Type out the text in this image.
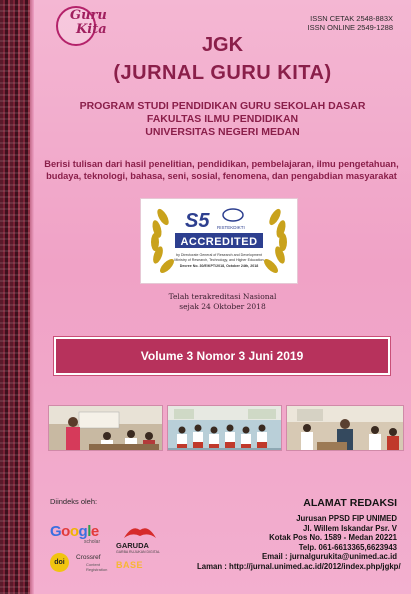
Guru
Kita
ISSN CETAK 2548-883X
ISSN ONLINE 2549-1288
JGK
(JURNAL GURU KITA)
PROGRAM STUDI PENDIDIKAN GURU SEKOLAH DASAR
FAKULTAS ILMU PENDIDIKAN
UNIVERSITAS NEGERI MEDAN
Berisi tulisan dari hasil penelitian, pendidikan, pembelajaran, ilmu pengetahuan,
budaya, teknologi, bahasa, seni, sosial, fenomena, dan pengabdian masyarakat
S5 RISTEKDIKTI
ACCREDITED
by Directorate General of Research and Development
Ministry of Research, Technology, and Higher Education
Decree No. 30/E/KPT/2018, October 24th, 2018
Telah terakreditasi Nasional
sejak 24 Oktober 2018
Volume 3 Nomor 3 Juni 2019
Diindeks oleh:
Google
scholar GARUDA
GARBA RUJUKAN DIGITAL
doi
Crossref
Content Registration BASE
ALAMAT REDAKSI
Jurusan PPSD FIP UNIMED
Jl. Willem Iskandar Psr. V
Kotak Pos No. 1589 - Medan 20221
Telp. 061-6613365,6623943
Email : jurnalgurukita@unimed.ac.id
Laman : http://jurnal.unimed.ac.id/2012/index.php/jgkp/
